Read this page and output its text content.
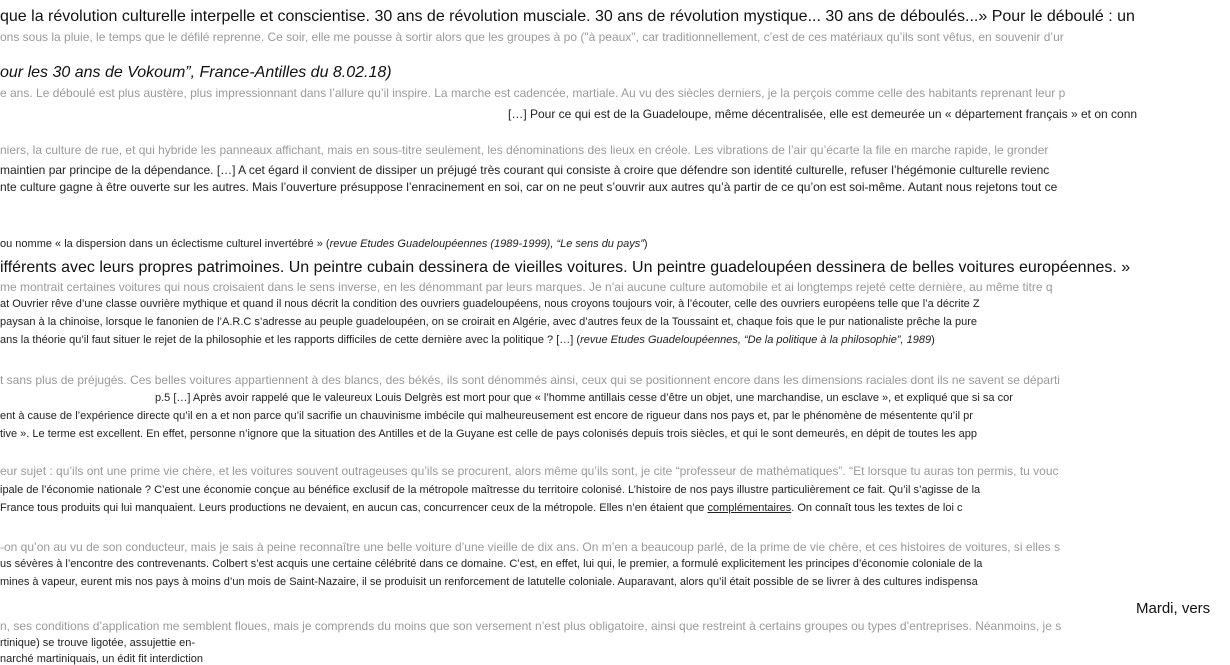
que la révolution culturelle interpelle et conscientise. 30 ans de révolution musciale. 30 ans de révolution mystique... 30 ans de déboulés...» Pour le déboulé : un
ons sous la pluie, le temps que le défilé reprenne. Ce soir, elle me pousse à sortir alors que les groupes à po ("à peaux", car traditionnellement, c’est de ces matériaux qu’ils sont vêtus, en souvenir d’ur
our les 30 ans de Vokoum”, France-Antilles du 8.02.18)
e ans. Le déboulé est plus austère, plus impressionnant dans l’allure qu’il inspire. La marche est cadencée, martiale. Au vu des siècles derniers, je la perçois comme celle des habitants reprenant leur p
[…] Pour ce qui est de la Guadeloupe, même décentralisée, elle est demeurée un « département français » et on conn
niers, la culture de rue, et qui hybride les panneaux affichant, mais en sous-titre seulement, les dénominations des lieux en créole. Les vibrations de l’air qu’écarte la file en marche rapide, le gronder
maintien par principe de la dépendance. […] A cet égard il convient de dissiper un préjugé très courant qui consiste à croire que défendre son identité culturelle, refuser l’hégémonie culturelle revienc
nte culture gagne à être ouverte sur les autres. Mais l’ouverture présuppose l’enracinement en soi, car on ne peut s’ouvrir aux autres qu’à partir de ce qu’on est soi-même. Autant nous rejetons tout ce
ou nomme « la dispersion dans un éclectisme culturel invertébré » (revue Etudes Guadeloupéennes (1989-1999), “Le sens du pays”)
ifférents avec leurs propres patrimoines. Un peintre cubain dessinera de vieilles voitures. Un peintre guadeloupéen dessinera de belles voitures européennes. »
me montrait certaines voitures qui nous croisaient dans le sens inverse, en les dénommant par leurs marques. Je n’ai aucune culture automobile et ai longtemps rejeté cette dernière, au même titre q
at Ouvrier rêve d’une classe ouvrière mythique et quand il nous décrit la condition des ouvriers guadeloupéens, nous croyons toujours voir, à l’écouter, celle des ouvriers européens telle que l’a décrite Z
paysan à la chinoise, lorsque le fanonien de l’A.R.C s’adresse au peuple guadeloupéen, on se croirait en Algérie, avec d’autres feux de la Toussaint et, chaque fois que le pur nationaliste prêche la pure
ans la théorie qu’il faut situer le rejet de la philosophie et les rapports difficiles de cette dernière avec la politique ? […] (revue Etudes Guadeloupéennes, “De la politique à la philosophie”, 1989)
t sans plus de préjugés. Ces belles voitures appartiennent à des blancs, des békés, ils sont dénommés ainsi, ceux qui se positionnent encore dans les dimensions raciales dont ils ne savent se départi
p.5 […] Après avoir rappelé que le valeureux Louis Delgrès est mort pour que « l’homme antillais cesse d’être un objet, une marchandise, un esclave », et expliqué que si sa cor
ent à cause de l’expérience directe qu’il en a et non parce qu’il sacrifie un chauvinisme imbécile qui malheureusement est encore de rigueur dans nos pays et, par le phénomène de mésentente qu’il pr
tive ». Le terme est excellent. En effet, personne n’ignore que la situation des Antilles et de la Guyane est celle de pays colonisés depuis trois siècles, et qui le sont demeurés, en dépit de toutes les app
eur sujet : qu’ils ont une prime vie chère, et les voitures souvent outrageuses qu’ils se procurent, alors même qu’ils sont, je cite “professeur de mathématiques”. “Et lorsque tu auras ton permis, tu vouc
ipale de l’économie nationale ? C’est une économie conçue au bénéfice exclusif de la métropole maîtresse du territoire colonisé. L’histoire de nos pays illustre particulièrement ce fait. Qu’il s’agisse de la
France tous produits qui lui manquaient. Leurs productions ne devaient, en aucun cas, concurrencer ceux de la métropole. Elles n’en étaient que complémentaires. On connaît tous les textes de loi c
-on qu’on au vu de son conducteur, mais je sais à peine reconnaître une belle voiture d’une vieille de dix ans. On m’en a beaucoup parlé, de la prime de vie chère, et ces histoires de voitures, si elles s
us sévères à l’encontre des contrevenants. Colbert s’est acquis une certaine célébrité dans ce domaine. C’est, en effet, lui qui, le premier, a formulé explicitement les principes d’économie coloniale de la
mines à vapeur, eurent mis nos pays à moins d’un mois de Saint-Nazaire, il se produisit un renforcement de latutelle coloniale. Auparavant, alors qu’il était possible de se livrer à des cultures indispensa
Mardi, vers
n, ses conditions d’application me semblent floues, mais je comprends du moins que son versement n’est plus obligatoire, ainsi que restreint à certains groupes ou types d’entreprises. Néanmoins, je s
rtinique) se trouve ligotée, assujettie en-
narché martiniquais, un édit fit interdiction
